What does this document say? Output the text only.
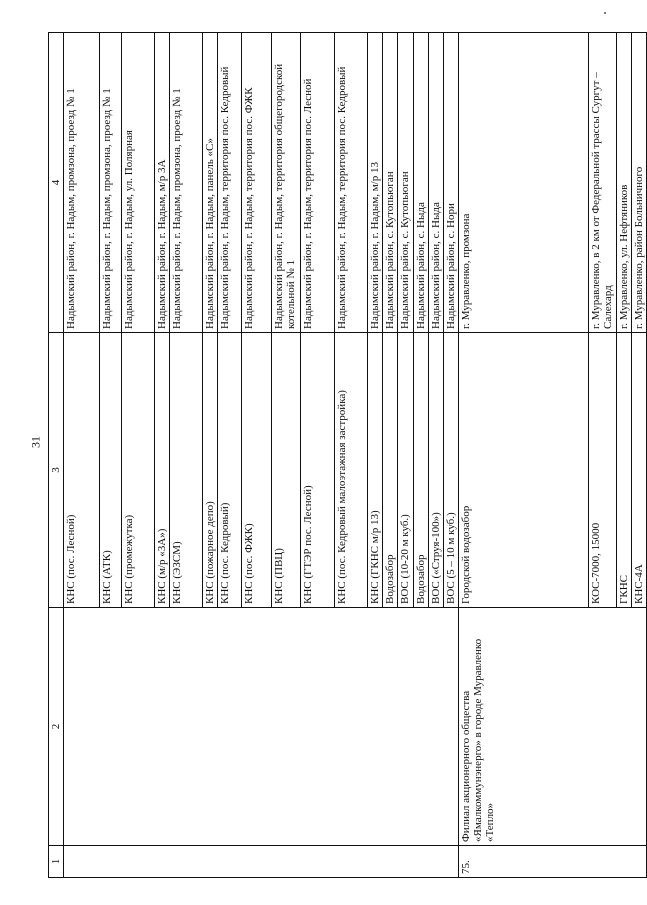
31
1	2	3	4
		КНС (пос. Лесной)	Надымский район, г. Надым, промзона, проезд № 1
		КНС (АТК)	Надымский район, г. Надым, промзона, проезд № 1
		КНС (промежутка)	Надымский район, г. Надым, ул. Полярная
		КНС (м/р «3А»)	Надымский район, г. Надым, м/р 3А
		КНС (ЭЗСМ)	Надымский район, г. Надым, промзона, проезд № 1
		КНС (пожарное депо)	Надымский район, г. Надым, панель «С»
		КНС (пос. Кедровый)	Надымский район, г. Надым, территория пос. Кедровый
		КНС (пос. ФЖК)	Надымский район, г. Надым, территория пос. ФЖК
		КНС (ПВЦ)	Надымский район, г. Надым, территория общегородской котельной № 1
		КНС (ГТЭР пос. Лесной)	Надымский район, г. Надым, территория пос. Лесной
		КНС (пос. Кедровый малоэтажная застройка)	Надымский район, г. Надым, территория пос. Кедровый
		КНС (ГКНС м/р 13)	Надымский район, г. Надым, м/р 13
		Водозабор	Надымский район, с. Кутопьюган
		ВОС (10-20 м куб.)	Надымский район, с. Кутопьюган
		Водозабор	Надымский район, с. Ныда
		ВОС («Струя-100»)	Надымский район, с. Ныда
		ВОС (5 – 10 м куб.)	Надымский район, с. Нори
75.	Филиал акционерного общества «Ямалкоммунэнерго» в городе Муравленко «Тепло»	Городской водозабор	г. Муравленко, промзона
		КОС-7000, 15000	г. Муравленко, в 2 км от Федеральной трассы Сургут – Салехард
		ГКНС	г. Муравленко, ул. Нефтяников
		КНС-4А	г. Муравленко, район Больничного
